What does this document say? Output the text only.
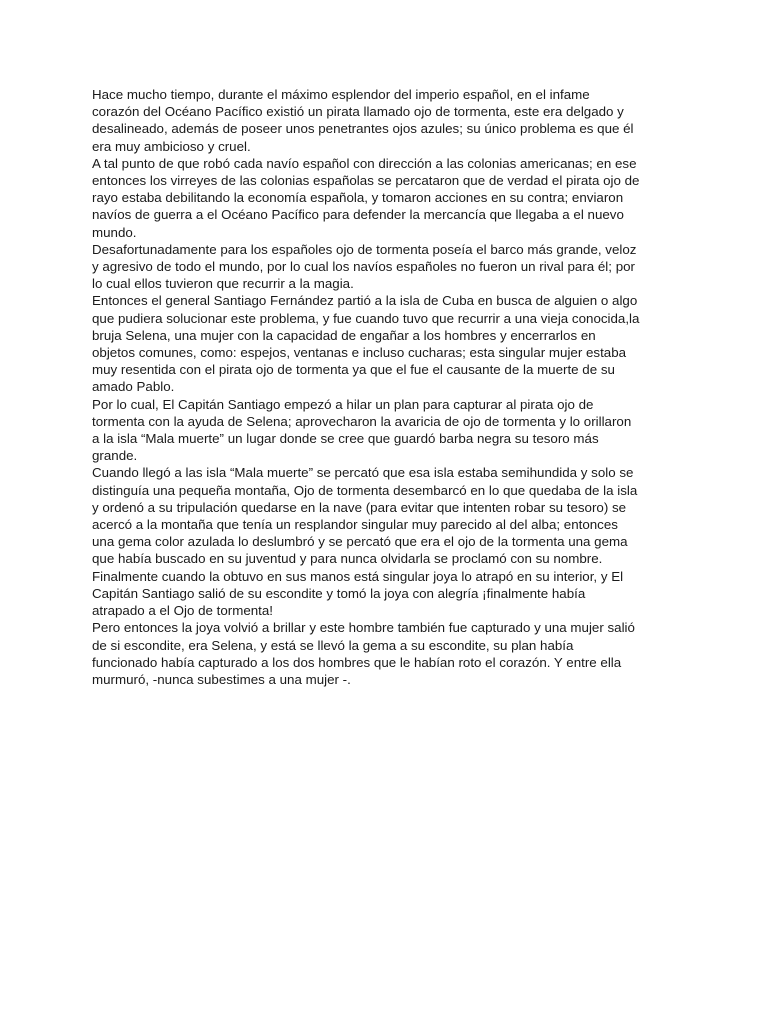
Hace mucho tiempo, durante el máximo esplendor del imperio español, en el infame
corazón del Océano Pacífico existió un pirata llamado ojo de tormenta, este era delgado y
desalineado, además de poseer unos penetrantes ojos azules; su único problema es que él
era muy ambicioso y cruel.
A tal punto de que robó cada navío español con dirección a las colonias americanas; en ese
entonces los virreyes de las colonias españolas se percataron que de verdad el pirata ojo de
rayo estaba debilitando la economía española, y tomaron acciones en su contra; enviaron
navíos de guerra a el Océano Pacífico para defender la mercancía que llegaba a el nuevo
mundo.
Desafortunadamente para los españoles ojo de tormenta poseía el barco más grande, veloz
y agresivo de todo el mundo, por lo cual los navíos españoles no fueron un rival para él; por
lo cual ellos tuvieron que recurrir a la magia.
Entonces el general Santiago Fernández partió a la isla de Cuba en busca de alguien o algo
que pudiera solucionar este problema, y fue cuando tuvo que recurrir a una vieja conocida,la
bruja Selena, una mujer con la capacidad de engañar a los hombres y encerrarlos en
objetos comunes, como: espejos, ventanas e incluso cucharas; esta singular mujer estaba
muy resentida con el pirata ojo de tormenta ya que el fue el causante de la muerte de su
amado Pablo.
Por lo cual, El Capitán Santiago empezó a hilar un plan para capturar al pirata ojo de
tormenta con la ayuda de Selena; aprovecharon la avaricia de ojo de tormenta y lo orillaron
a la isla “Mala muerte” un lugar donde se cree que guardó barba negra su tesoro más
grande.
Cuando llegó a las isla “Mala muerte” se percató que esa isla estaba semihundida y solo se
distinguía una pequeña montaña, Ojo de tormenta desembarcó en lo que quedaba de la isla
y ordenó a su tripulación quedarse en la nave (para evitar que intenten robar su tesoro) se
acercó a la montaña que tenía un resplandor singular muy parecido al del alba; entonces
una gema color azulada lo deslumbró y se percató que era el ojo de la tormenta una gema
que había buscado en su juventud y para nunca olvidarla se proclamó con su nombre.
Finalmente cuando la obtuvo en sus manos está singular joya lo atrapó en su interior, y El
Capitán Santiago salió de su escondite y tomó la joya con alegría ¡finalmente había
atrapado a el Ojo de tormenta!
Pero entonces la joya volvió a brillar y este hombre también fue capturado y una mujer salió
de si escondite, era Selena, y está se llevó la gema a su escondite, su plan había
funcionado había capturado a los dos hombres que le habían roto el corazón. Y entre ella
murmuró, -nunca subestimes a una mujer -.
